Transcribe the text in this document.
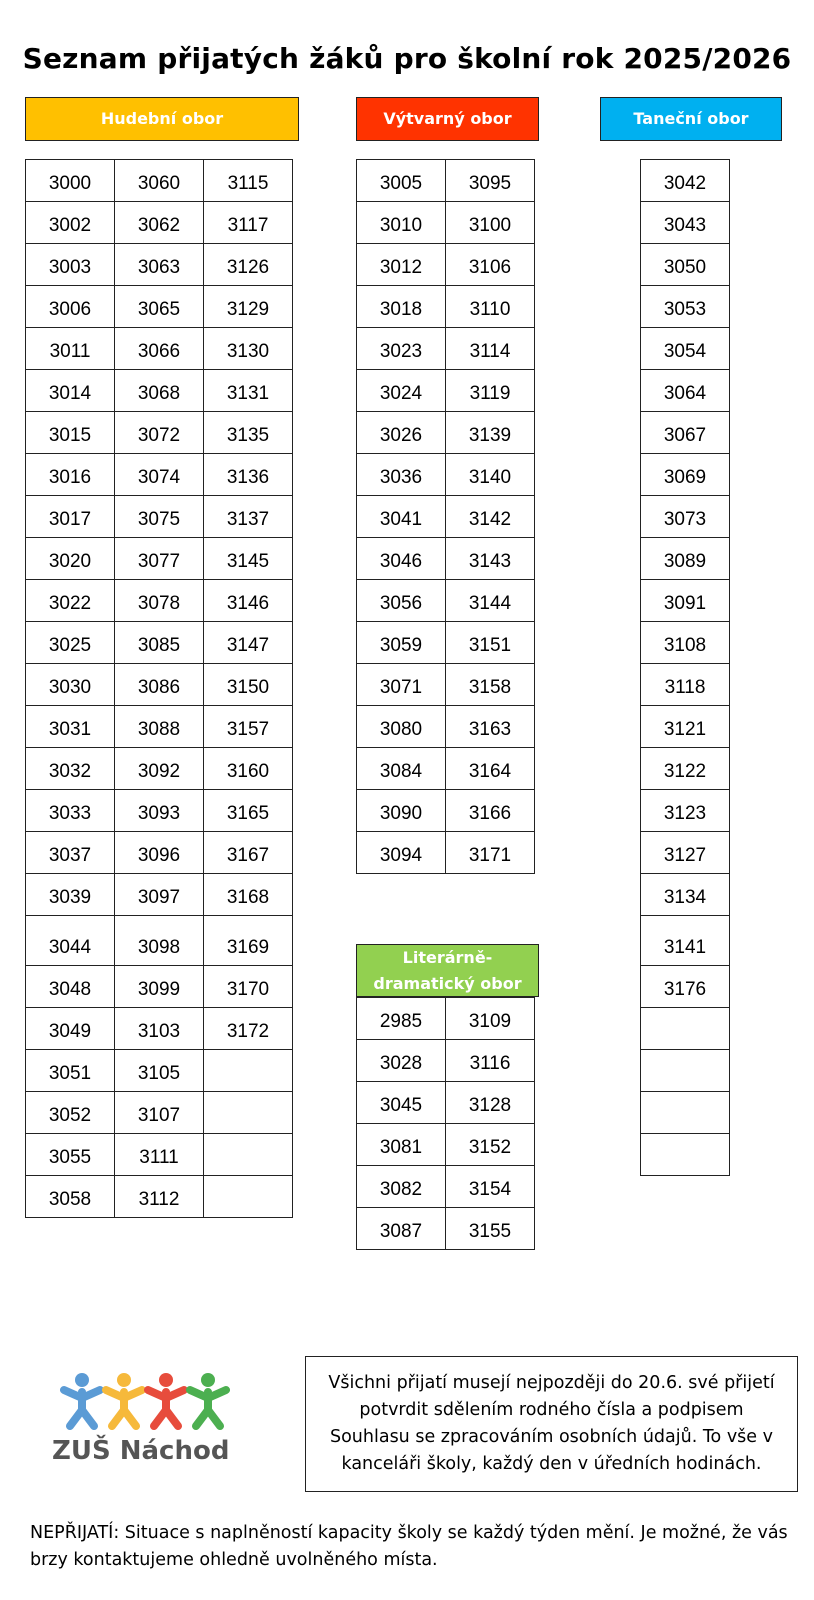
Seznam přijatých žáků pro školní rok 2025/2026
Hudební obor	Výtvarný obor	Taneční obor
Literárně-dramatický obor
3000	3060	3115
3002	3062	3117
3003	3063	3126
3006	3065	3129
3011	3066	3130
3014	3068	3131
3015	3072	3135
3016	3074	3136
3017	3075	3137
3020	3077	3145
3022	3078	3146
3025	3085	3147
3030	3086	3150
3031	3088	3157
3032	3092	3160
3033	3093	3165
3037	3096	3167
3039	3097	3168
3044	3098	3169
3048	3099	3170
3049	3103	3172
3051	3105	
3052	3107	
3055	3111	
3058	3112	
3005	3095
3010	3100
3012	3106
3018	3110
3023	3114
3024	3119
3026	3139
3036	3140
3041	3142
3046	3143
3056	3144
3059	3151
3071	3158
3080	3163
3084	3164
3090	3166
3094	3171
2985	3109
3028	3116
3045	3128
3081	3152
3082	3154
3087	3155
3042
3043
3050
3053
3054
3064
3067
3069
3073
3089
3091
3108
3118
3121
3122
3123
3127
3134
3141
3176

ZUŠ Náchod
Všichni přijatí musejí nejpozději do 20.6. své přijetí potvrdit sdělením rodného čísla a podpisem Souhlasu se zpracováním osobních údajů. To vše v kanceláři školy, každý den v úředních hodinách.
NEPŘIJATÍ: Situace s naplněností kapacity školy se každý týden mění. Je možné, že vás brzy kontaktujeme ohledně uvolněného místa.
